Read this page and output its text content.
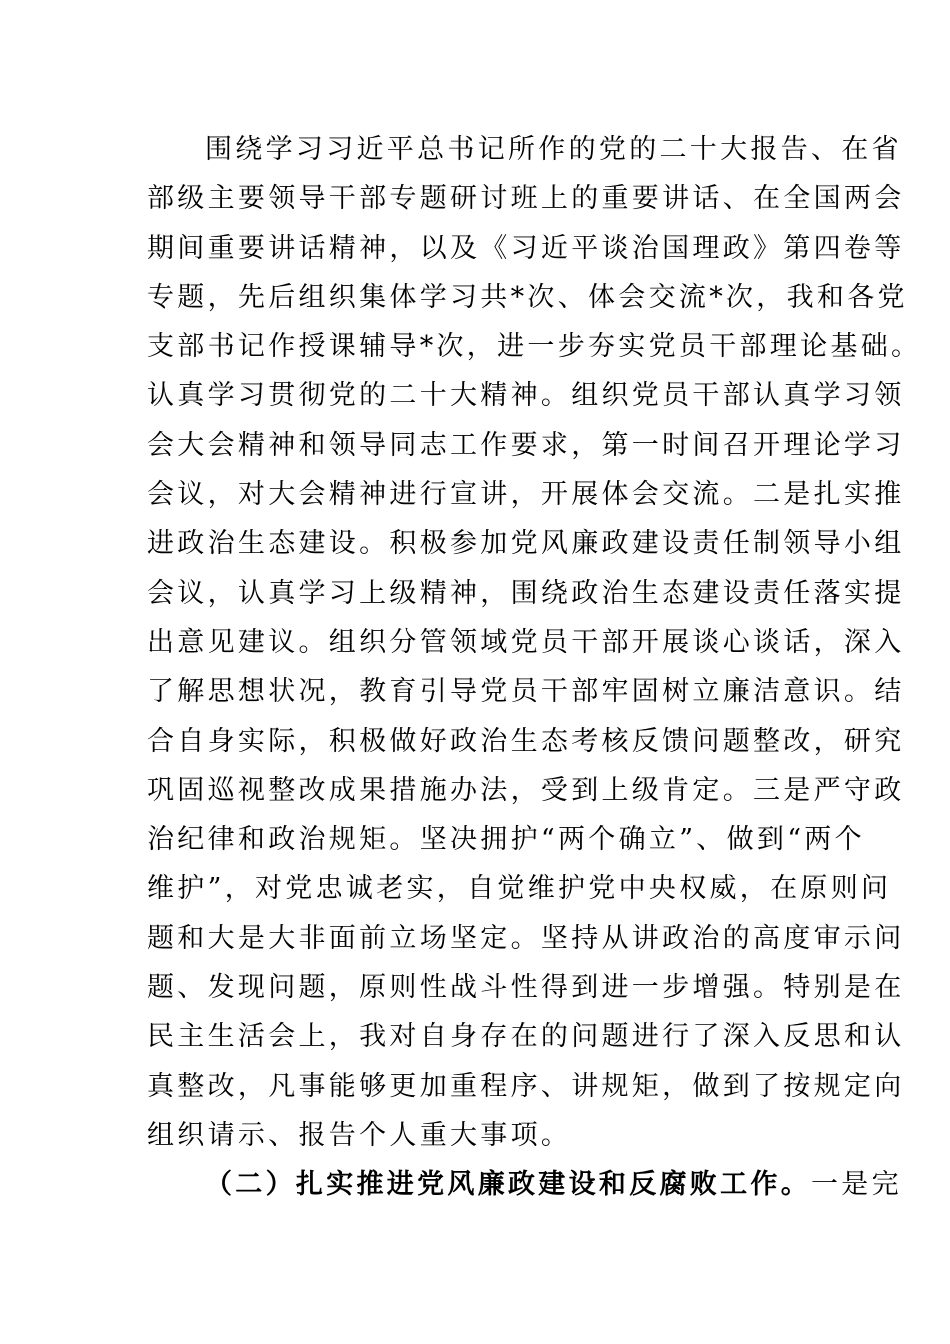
围绕学习习近平总书记所作的党的二十大报告、在省
部级主要领导干部专题研讨班上的重要讲话、在全国两会
期间重要讲话精神，以及《习近平谈治国理政》第四卷等
专题，先后组织集体学习共*次、体会交流*次，我和各党
支部书记作授课辅导*次，进一步夯实党员干部理论基础。
认真学习贯彻党的二十大精神。组织党员干部认真学习领
会大会精神和领导同志工作要求，第一时间召开理论学习
会议，对大会精神进行宣讲，开展体会交流。二是扎实推
进政治生态建设。积极参加党风廉政建设责任制领导小组
会议，认真学习上级精神，围绕政治生态建设责任落实提
出意见建议。组织分管领域党员干部开展谈心谈话，深入
了解思想状况，教育引导党员干部牢固树立廉洁意识。结
合自身实际，积极做好政治生态考核反馈问题整改，研究
巩固巡视整改成果措施办法，受到上级肯定。三是严守政
治纪律和政治规矩。坚决拥护“两个确立”、做到“两个
维护”，对党忠诚老实，自觉维护党中央权威，在原则问
题和大是大非面前立场坚定。坚持从讲政治的高度审示问
题、发现问题，原则性战斗性得到进一步增强。特别是在
民主生活会上，我对自身存在的问题进行了深入反思和认
真整改，凡事能够更加重程序、讲规矩，做到了按规定向
组织请示、报告个人重大事项。
（二）扎实推进党风廉政建设和反腐败工作。一是完
